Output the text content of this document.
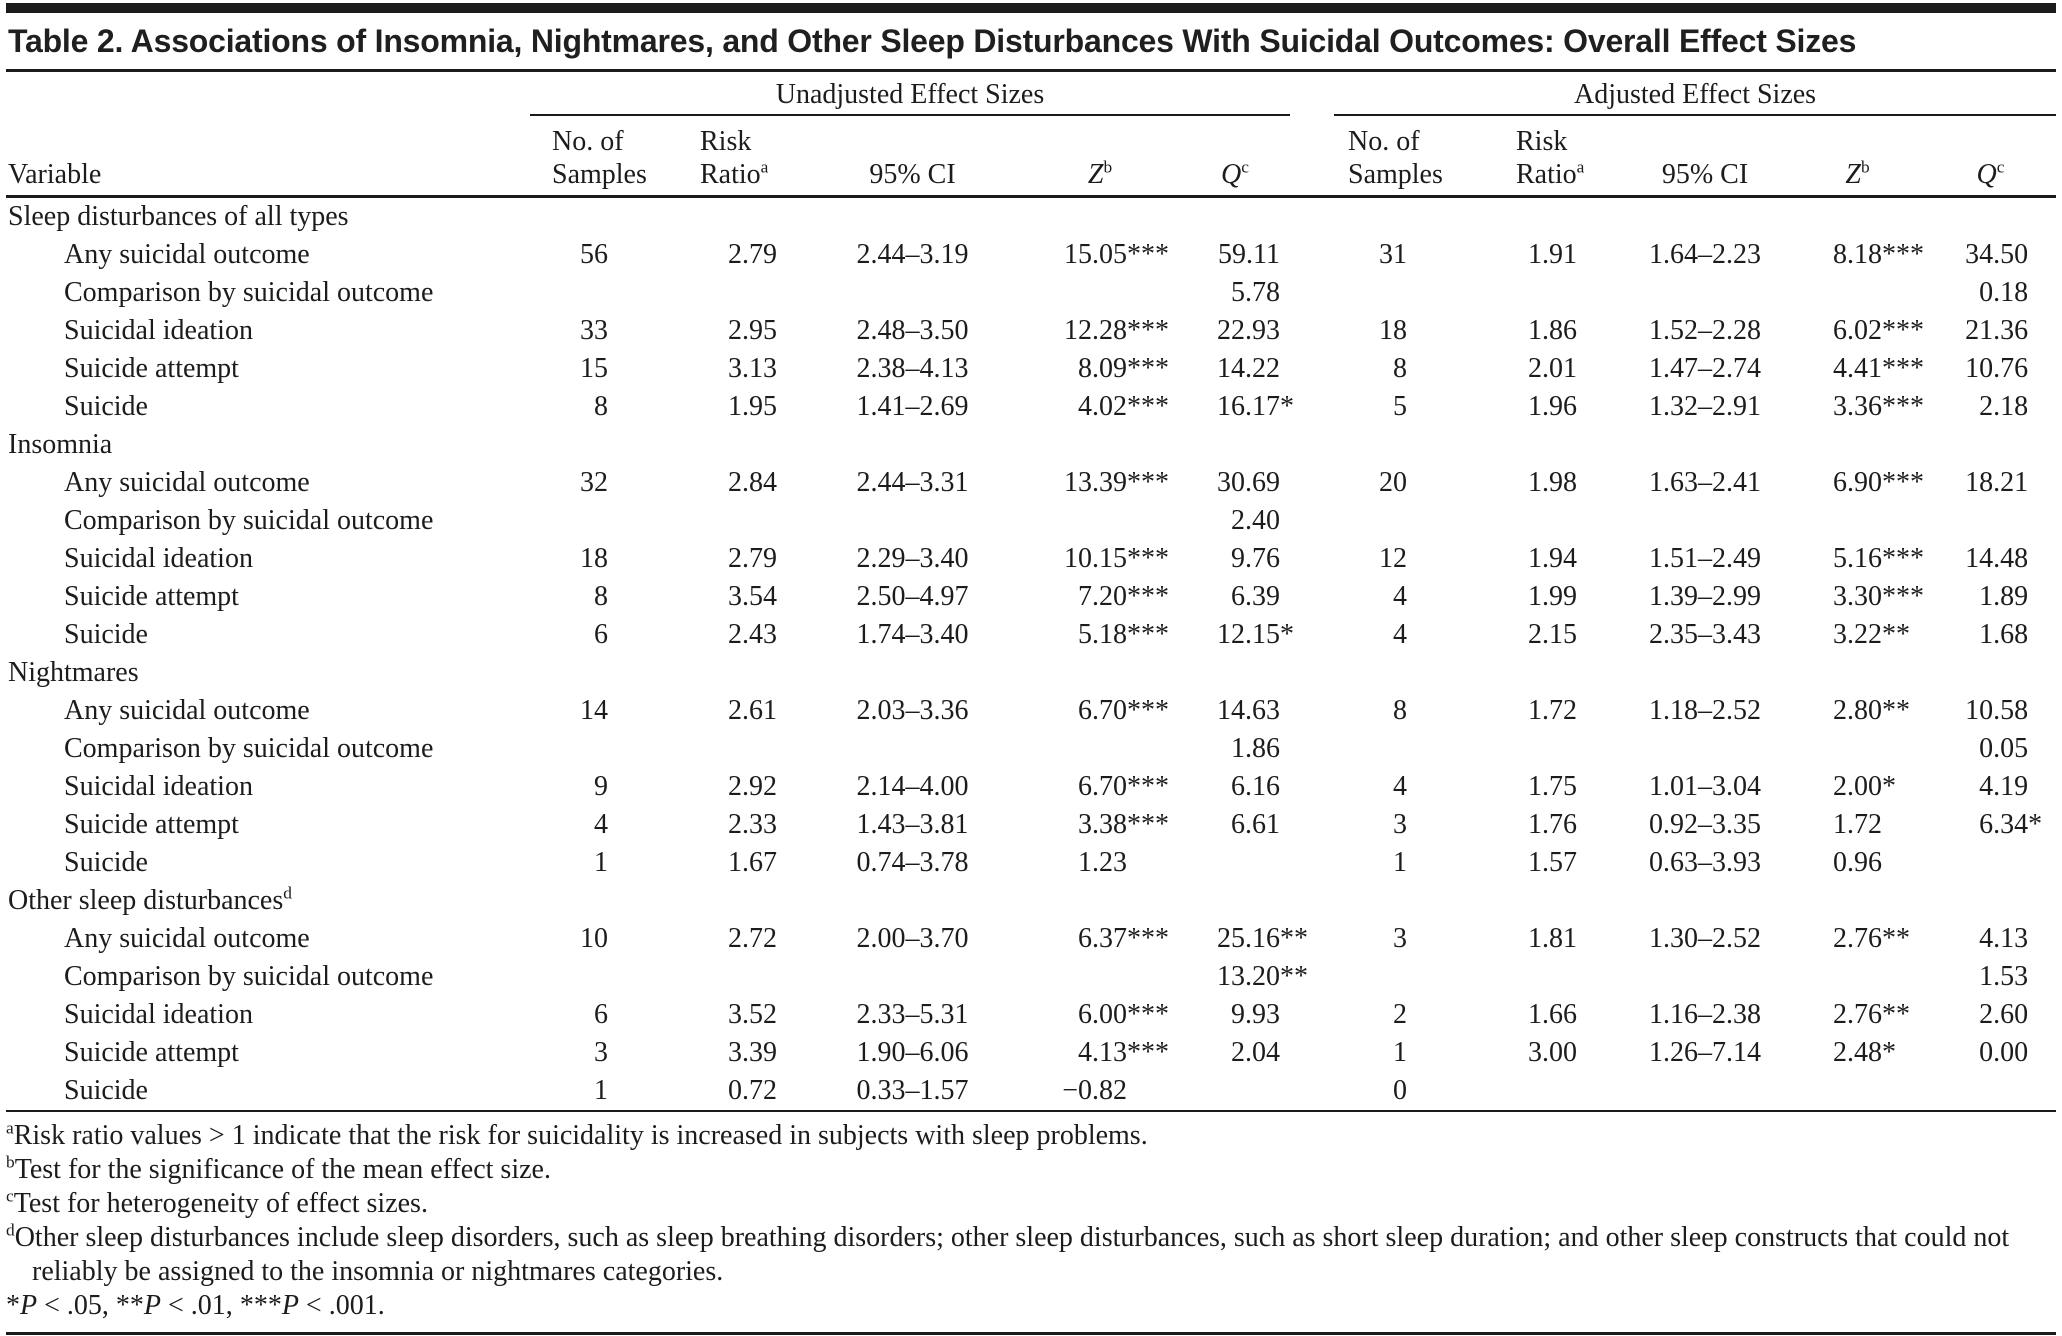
Table 2. Associations of Insomnia, Nightmares, and Other Sleep Disturbances With Suicidal Outcomes: Overall Effect Sizes
Variable	Unadjusted Effect Sizes						Adjusted Effect Sizes				
	No. of	Risk	95% CI	$Z^b$	$Q^c$		No. of	Risk	95% CI	$Z^b$	$Q^c$
	Samples	Ratio$^a$					Samples	Ratio$^a$
Sleep disturbances of all types											
Any suicidal outcome	56	2.79	2.44–3.19	15.05***	59.11		31	1.91	1.64–2.23	8.18***	34.50
Comparison by suicidal outcome					5.78						0.18
Suicidal ideation	33	2.95	2.48–3.50	12.28***	22.93		18	1.86	1.52–2.28	6.02***	21.36
Suicide attempt	15	3.13	2.38–4.13	8.09***	14.22		8	2.01	1.47–2.74	4.41***	10.76
Suicide	8	1.95	1.41–2.69	4.02***	16.17*		5	1.96	1.32–2.91	3.36***	2.18
Insomnia											
Any suicidal outcome	32	2.84	2.44–3.31	13.39***	30.69		20	1.98	1.63–2.41	6.90***	18.21
Comparison by suicidal outcome					2.40						
Suicidal ideation	18	2.79	2.29–3.40	10.15***	9.76		12	1.94	1.51–2.49	5.16***	14.48
Suicide attempt	8	3.54	2.50–4.97	7.20***	6.39		4	1.99	1.39–2.99	3.30***	1.89
Suicide	6	2.43	1.74–3.40	5.18***	12.15*		4	2.15	2.35–3.43	3.22**	1.68
Nightmares											
Any suicidal outcome	14	2.61	2.03–3.36	6.70***	14.63		8	1.72	1.18–2.52	2.80**	10.58
Comparison by suicidal outcome					1.86						0.05
Suicidal ideation	9	2.92	2.14–4.00	6.70***	6.16		4	1.75	1.01–3.04	2.00*	4.19
Suicide attempt	4	2.33	1.43–3.81	3.38***	6.61		3	1.76	0.92–3.35	1.72	6.34*
Suicide	1	1.67	0.74–3.78	1.23			1	1.57	0.63–3.93	0.96	
Other sleep disturbances$^d$
Any suicidal outcome	10	2.72	2.00–3.70	6.37***	25.16**		3	1.81	1.30–2.52	2.76**	4.13
Comparison by suicidal outcome					13.20**						1.53
Suicidal ideation	6	3.52	2.33–5.31	6.00***	9.93		2	1.66	1.16–2.38	2.76**	2.60
Suicide attempt	3	3.39	1.90–6.06	4.13***	2.04		1	3.00	1.26–7.14	2.48*	0.00
Suicide	1	0.72	0.33–1.57	−0.82			0				
$^a$Risk ratio values > 1 indicate that the risk for suicidality is increased in subjects with sleep problems.
$^b$Test for the significance of the mean effect size.
$^c$Test for heterogeneity of effect sizes.
$^d$Other sleep disturbances include sleep disorders, such as sleep breathing disorders; other sleep disturbances, such as short sleep duration; and other sleep constructs that could not reliably be assigned to the insomnia or nightmares categories.
*P < .05, **P < .01, ***P < .001.
